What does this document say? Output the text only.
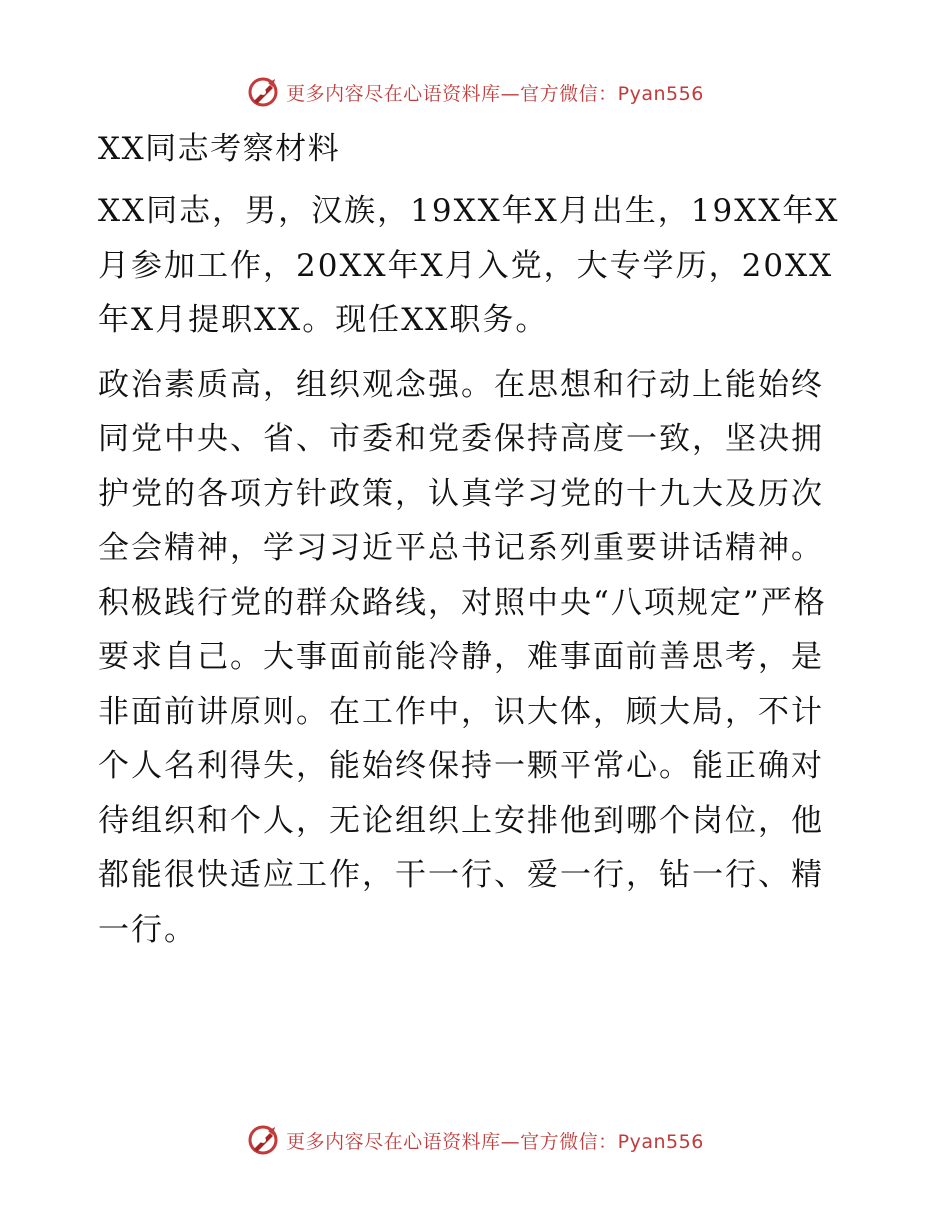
更多内容尽在心语资料库—官方微信：Pyan556
XX同志考察材料

XX同志，男，汉族，19XX年X月出生，19XX年X月参加工作，20XX年X月入党，大专学历，20XX年X月提职XX。现任XX职务。

政治素质高，组织观念强。在思想和行动上能始终同党中央、省、市委和党委保持高度一致，坚决拥护党的各项方针政策，认真学习党的十九大及历次全会精神，学习习近平总书记系列重要讲话精神。积极践行党的群众路线，对照中央“八项规定”严格要求自己。大事面前能冷静，难事面前善思考，是非面前讲原则。在工作中，识大体，顾大局，不计个人名利得失，能始终保持一颗平常心。能正确对待组织和个人，无论组织上安排他到哪个岗位，他都能很快适应工作，干一行、爱一行，钻一行、精一行。

更多内容尽在心语资料库—官方微信：Pyan556
